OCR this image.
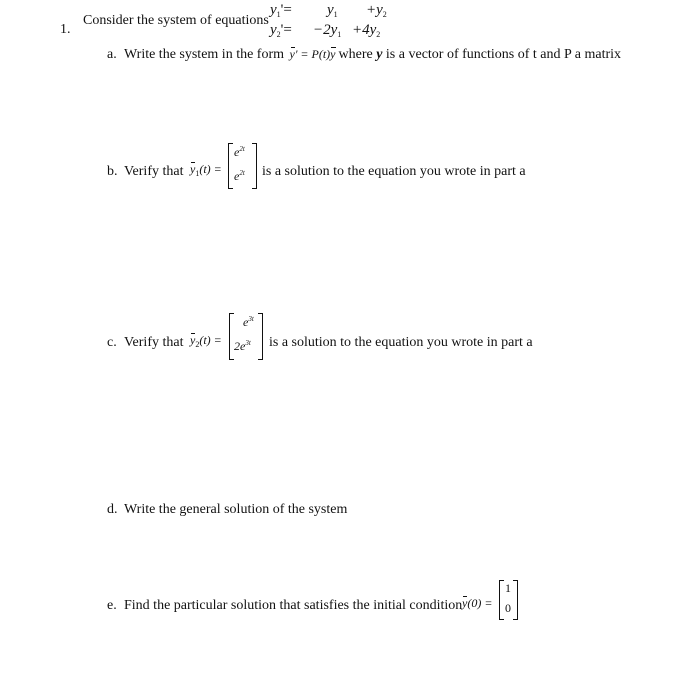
1.
Consider the system of equations
$y_1'= y_1 +y_2$
$y_2'= -2y_1 +4y_2$
a. Write the system in the form y' = P(t)y where y is a vector of functions of t and P a matrix
b. Verify that $y_1(t)$ =
$e^{2t}$
$e^{2t}$ is a solution to the equation you wrote in part a
c. Verify that $y_2(t)$ =
$e^{3t}$
$2e^{3t}$ is a solution to the equation you wrote in part a
d. Write the general solution of the system
e. Find the particular solution that satisfies the initial condition y(0) =
1
0
